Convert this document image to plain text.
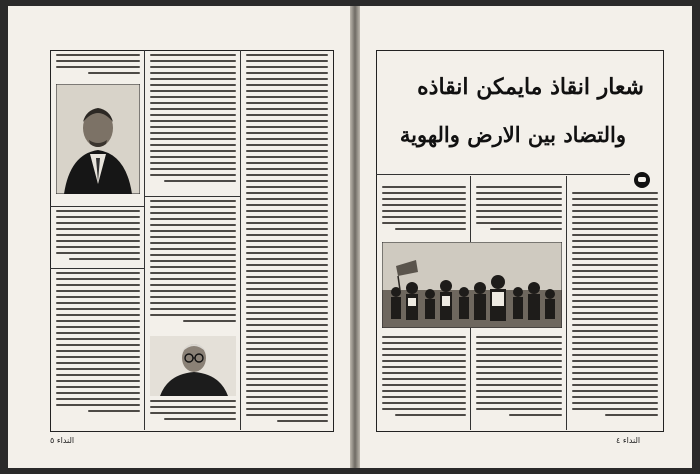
النداء ٥
شعار انقاذ مايمكن انقاذه
والتضاد بين الارض والهوية
النداء ٤
